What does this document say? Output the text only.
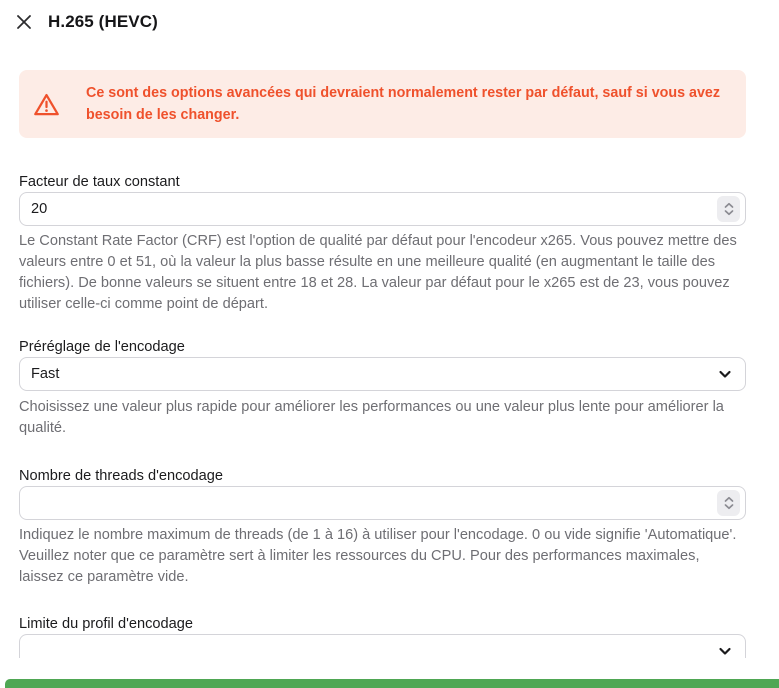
H.265 (HEVC)

Ce sont des options avancées qui devraient normalement rester par défaut, sauf si vous avez besoin de les changer.

Facteur de taux constant
20

Le Constant Rate Factor (CRF) est l'option de qualité par défaut pour l'encodeur x265. Vous pouvez mettre des valeurs entre 0 et 51, où la valeur la plus basse résulte en une meilleure qualité (en augmentant le taille des fichiers). De bonne valeurs se situent entre 18 et 28. La valeur par défaut pour le x265 est de 23, vous pouvez utiliser celle-ci comme point de départ.

Préréglage de l'encodage
Fast

Choisissez une valeur plus rapide pour améliorer les performances ou une valeur plus lente pour améliorer la qualité.

Nombre de threads d'encodage

Indiquez le nombre maximum de threads (de 1 à 16) à utiliser pour l'encodage. 0 ou vide signifie 'Automatique'. Veuillez noter que ce paramètre sert à limiter les ressources du CPU. Pour des performances maximales, laissez ce paramètre vide.

Limite du profil d'encodage
